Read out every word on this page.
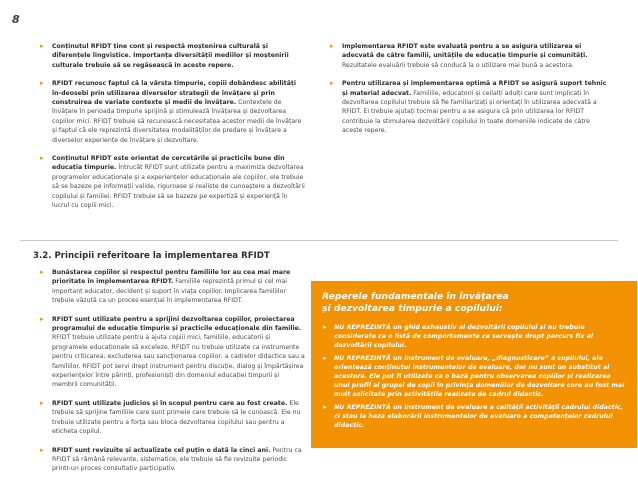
8
▸ Conținutul RFIDT ține cont și respectă moștenirea culturală și diferențele lingvistice. Importanța diversității mediilor și moștenirii culturale trebuie să se regăsească în aceste repere.
▸ RFIDT recunosc faptul că la vârsta timpurie, copiii dobândesc abilități în-deosebi prin utilizarea diverselor strategii de învățare și prin construirea de variate contexte și medii de învățare. Contextele de învățare în perioada timpurie sprijină și stimulează învățarea și dezvoltarea copiilor mici. RFIDT trebuie să recunoască necesitatea acestor medii de învățare și faptul că ele reprezintă diversitatea modalităților de predare și învățare a diverselor experiențe de învățare și dezvoltare.
▸ Conținutul RFIDT este orientat de cercetările și practicile bune din educația timpurie. Întrucât RFIDT sunt utilizate pentru a maximiza dezvoltarea programelor educaționale și a experiențelor educaționale ale copiilor, ele trebuie să se bazeze pe informații valide, riguroase și realiste de cunoaștere a dezvoltării copilului și familiei. RFIDT trebuie să se bazeze pe expertiză și experiență în lucrul cu copiii mici.
▸ Implementarea RFIDT este evaluată pentru a se asigura utilizarea ei adecvată de către familii, unitățile de educație timpurie și comunități. Rezultatele evaluării trebuie să conducă la o utilizare mai bună a acestora.
▸ Pentru utilizarea și implementarea optimă a RFIDT se asigură suport tehnic și material adecvat. Familiile, educatorii și ceilalți adulți care sunt implicați în dezvoltarea copilului trebuie să fie familiarizați și orientați în utilizarea adecvată a RFIDT. Ei trebuie ajutați tocmai pentru a se asigura că prin utilizarea lor RFIDT contribuie la stimularea dezvoltării copilului în toate domeniile indicate de către aceste repere.
3.2. Principii referitoare la implementarea RFIDT
▸ Bunăstarea copiilor și respectul pentru familiile lor au cea mai mare prioritate în implementarea RFIDT. Familiile reprezintă primul și cel mai important educator, decident și suport în viața copiilor. Implicarea familiilor trebuie văzută ca un proces esențial în implementarea RFIDT.
▸ RFIDT sunt utilizate pentru a sprijini dezvoltarea copiilor, proiectarea programului de educație timpurie și practicile educaționale din familie. RFIDT trebuie utilizate pentru a ajuta copiii mici, familiile, educatorii și programele educaționale să exceleze. RFIDT nu trebuie utilizate ca instrumente pentru criticarea, excluderea sau sancționarea copiilor, a cadrelor didactice sau a familiilor. RFIDT pot servi drept instrument pentru discuție, dialog și împărtășirea experiențelor între părinți, profesioniști din domeniul educației timpurii și membrii comunității.
▸ RFIDT sunt utilizate judicios și în scopul pentru care au fost create. Ele trebuie să sprijine familiile care sunt primele care trebuie să le cunoască. Ele nu trebuie utilizate pentru a forța sau bloca dezvoltarea copilului sau pentru a eticheta copilul.
▸ RFIDT sunt revizuite și actualizate cel puțin o dată la cinci ani. Pentru ca RFIDT să rămână relevante, sistematice, ele trebuie să fie revizuite periodic printr-un proces consultativ participativ.
Reperele fundamentale în învățarea
și dezvoltarea timpurie a copilului:
▸ NU REPREZINTĂ un ghid exhaustiv al dezvoltării copilului și nu trebuie considerate ca o listă de comportamente ce servește drept parcurs fix al dezvoltării copilului.
▸ NU REPREZINTĂ un instrument de evaluare, „diagnosticare” a copilului, ele orientează conținutul instrumentelor de evaluare, dar nu sunt un substitut al acestora. Ele pot fi utilizate ca o bază pentru observarea copiilor și realizarea unui profil al grupei de copii în privința domeniilor de dezvoltare care au fost mai mult solicitate prin activitățile realizate de cadrul didactic.
▸ NU REPREZINTĂ un instrument de evaluare a calității activității cadrului didactic, ci stau la baza elaborării instrumentelor de evaluare a competențelor cadrului didactic.
